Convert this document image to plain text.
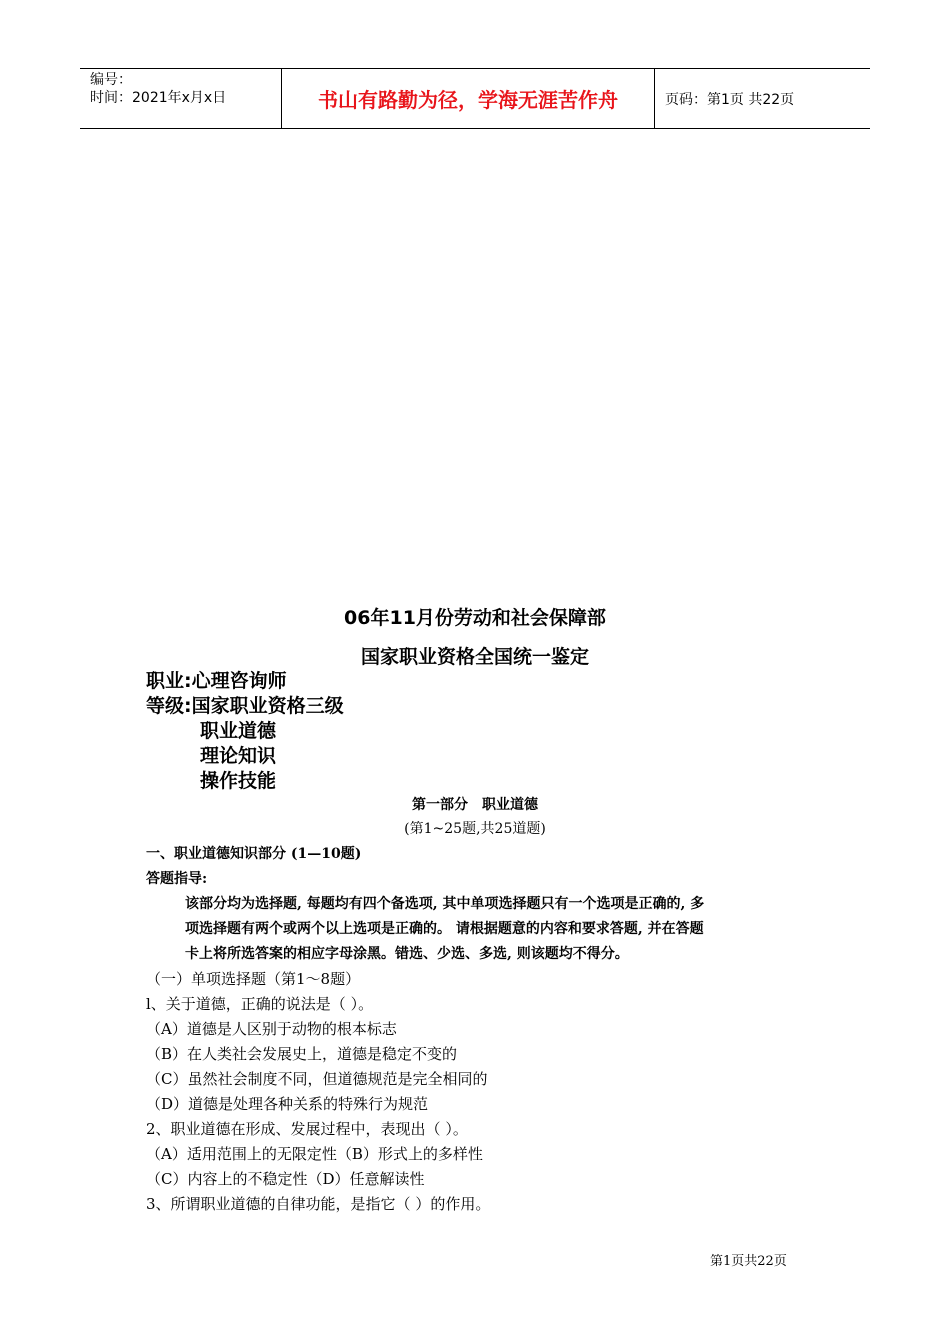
编号：
时间：2021年x月x日	书山有路勤为径，学海无涯苦作舟	页码：第1页 共22页
06年11月份劳动和社会保障部
国家职业资格全国统一鉴定
职业:心理咨询师
等级:国家职业资格三级
职业道德
理论知识
操作技能
第一部分　职业道德
(第1~25题,共25道题)
一、职业道德知识部分 (1—10题)
答题指导:
该部分均为选择题, 每题均有四个备选项, 其中单项选择题只有一个选项是正确的, 多
项选择题有两个或两个以上选项是正确的。 请根据题意的内容和要求答题, 并在答题
卡上将所选答案的相应字母涂黑。错选、少选、多选, 则该题均不得分。
（一）单项选择题（第1～8题）
l、关于道德，正确的说法是（ ）。
（A）道德是人区别于动物的根本标志
（B）在人类社会发展史上，道德是稳定不变的
（C）虽然社会制度不同，但道德规范是完全相同的
（D）道德是处理各种关系的特殊行为规范
2、职业道德在形成、发展过程中，表现出（ ）。
（A）适用范围上的无限定性（B）形式上的多样性
（C）内容上的不稳定性（D）任意解读性
3、所谓职业道德的自律功能，是指它（ ）的作用。
第1页共22页
